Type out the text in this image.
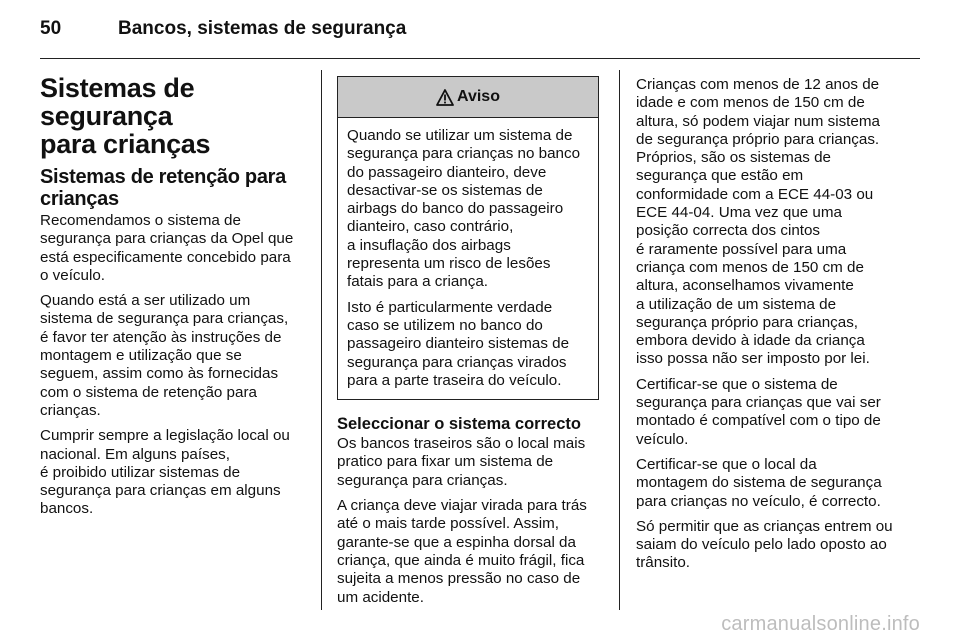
50	Bancos, sistemas de segurança
Sistemas de segurança
para crianças
Sistemas de retenção para
crianças

Recomendamos o sistema de
segurança para crianças da Opel que
está especificamente concebido para
o veículo.

Quando está a ser utilizado um
sistema de segurança para crianças,
é favor ter atenção às instruções de
montagem e utilização que se
seguem, assim como às fornecidas
com o sistema de retenção para
crianças.

Cumprir sempre a legislação local ou
nacional. Em alguns países,
é proibido utilizar sistemas de
segurança para crianças em alguns
bancos.

Aviso

Quando se utilizar um sistema de
segurança para crianças no banco
do passageiro dianteiro, deve
desactivar-se os sistemas de
airbags do banco do passageiro
dianteiro, caso contrário,
a insuflação dos airbags
representa um risco de lesões
fatais para a criança.

Isto é particularmente verdade
caso se utilizem no banco do
passageiro dianteiro sistemas de
segurança para crianças virados
para a parte traseira do veículo.

Seleccionar o sistema correcto

Os bancos traseiros são o local mais
pratico para fixar um sistema de
segurança para crianças.

A criança deve viajar virada para trás
até o mais tarde possível. Assim,
garante-se que a espinha dorsal da
criança, que ainda é muito frágil, fica
sujeita a menos pressão no caso de
um acidente.

Crianças com menos de 12 anos de
idade e com menos de 150 cm de
altura, só podem viajar num sistema
de segurança próprio para crianças.
Próprios, são os sistemas de
segurança que estão em
conformidade com a ECE 44-03 ou
ECE 44-04. Uma vez que uma
posição correcta dos cintos
é raramente possível para uma
criança com menos de 150 cm de
altura, aconselhamos vivamente
a utilização de um sistema de
segurança próprio para crianças,
embora devido à idade da criança
isso possa não ser imposto por lei.

Certificar-se que o sistema de
segurança para crianças que vai ser
montado é compatível com o tipo de
veículo.

Certificar-se que o local da
montagem do sistema de segurança
para crianças no veículo, é correcto.

Só permitir que as crianças entrem ou
saiam do veículo pelo lado oposto ao
trânsito.

carmanualsonline.info
